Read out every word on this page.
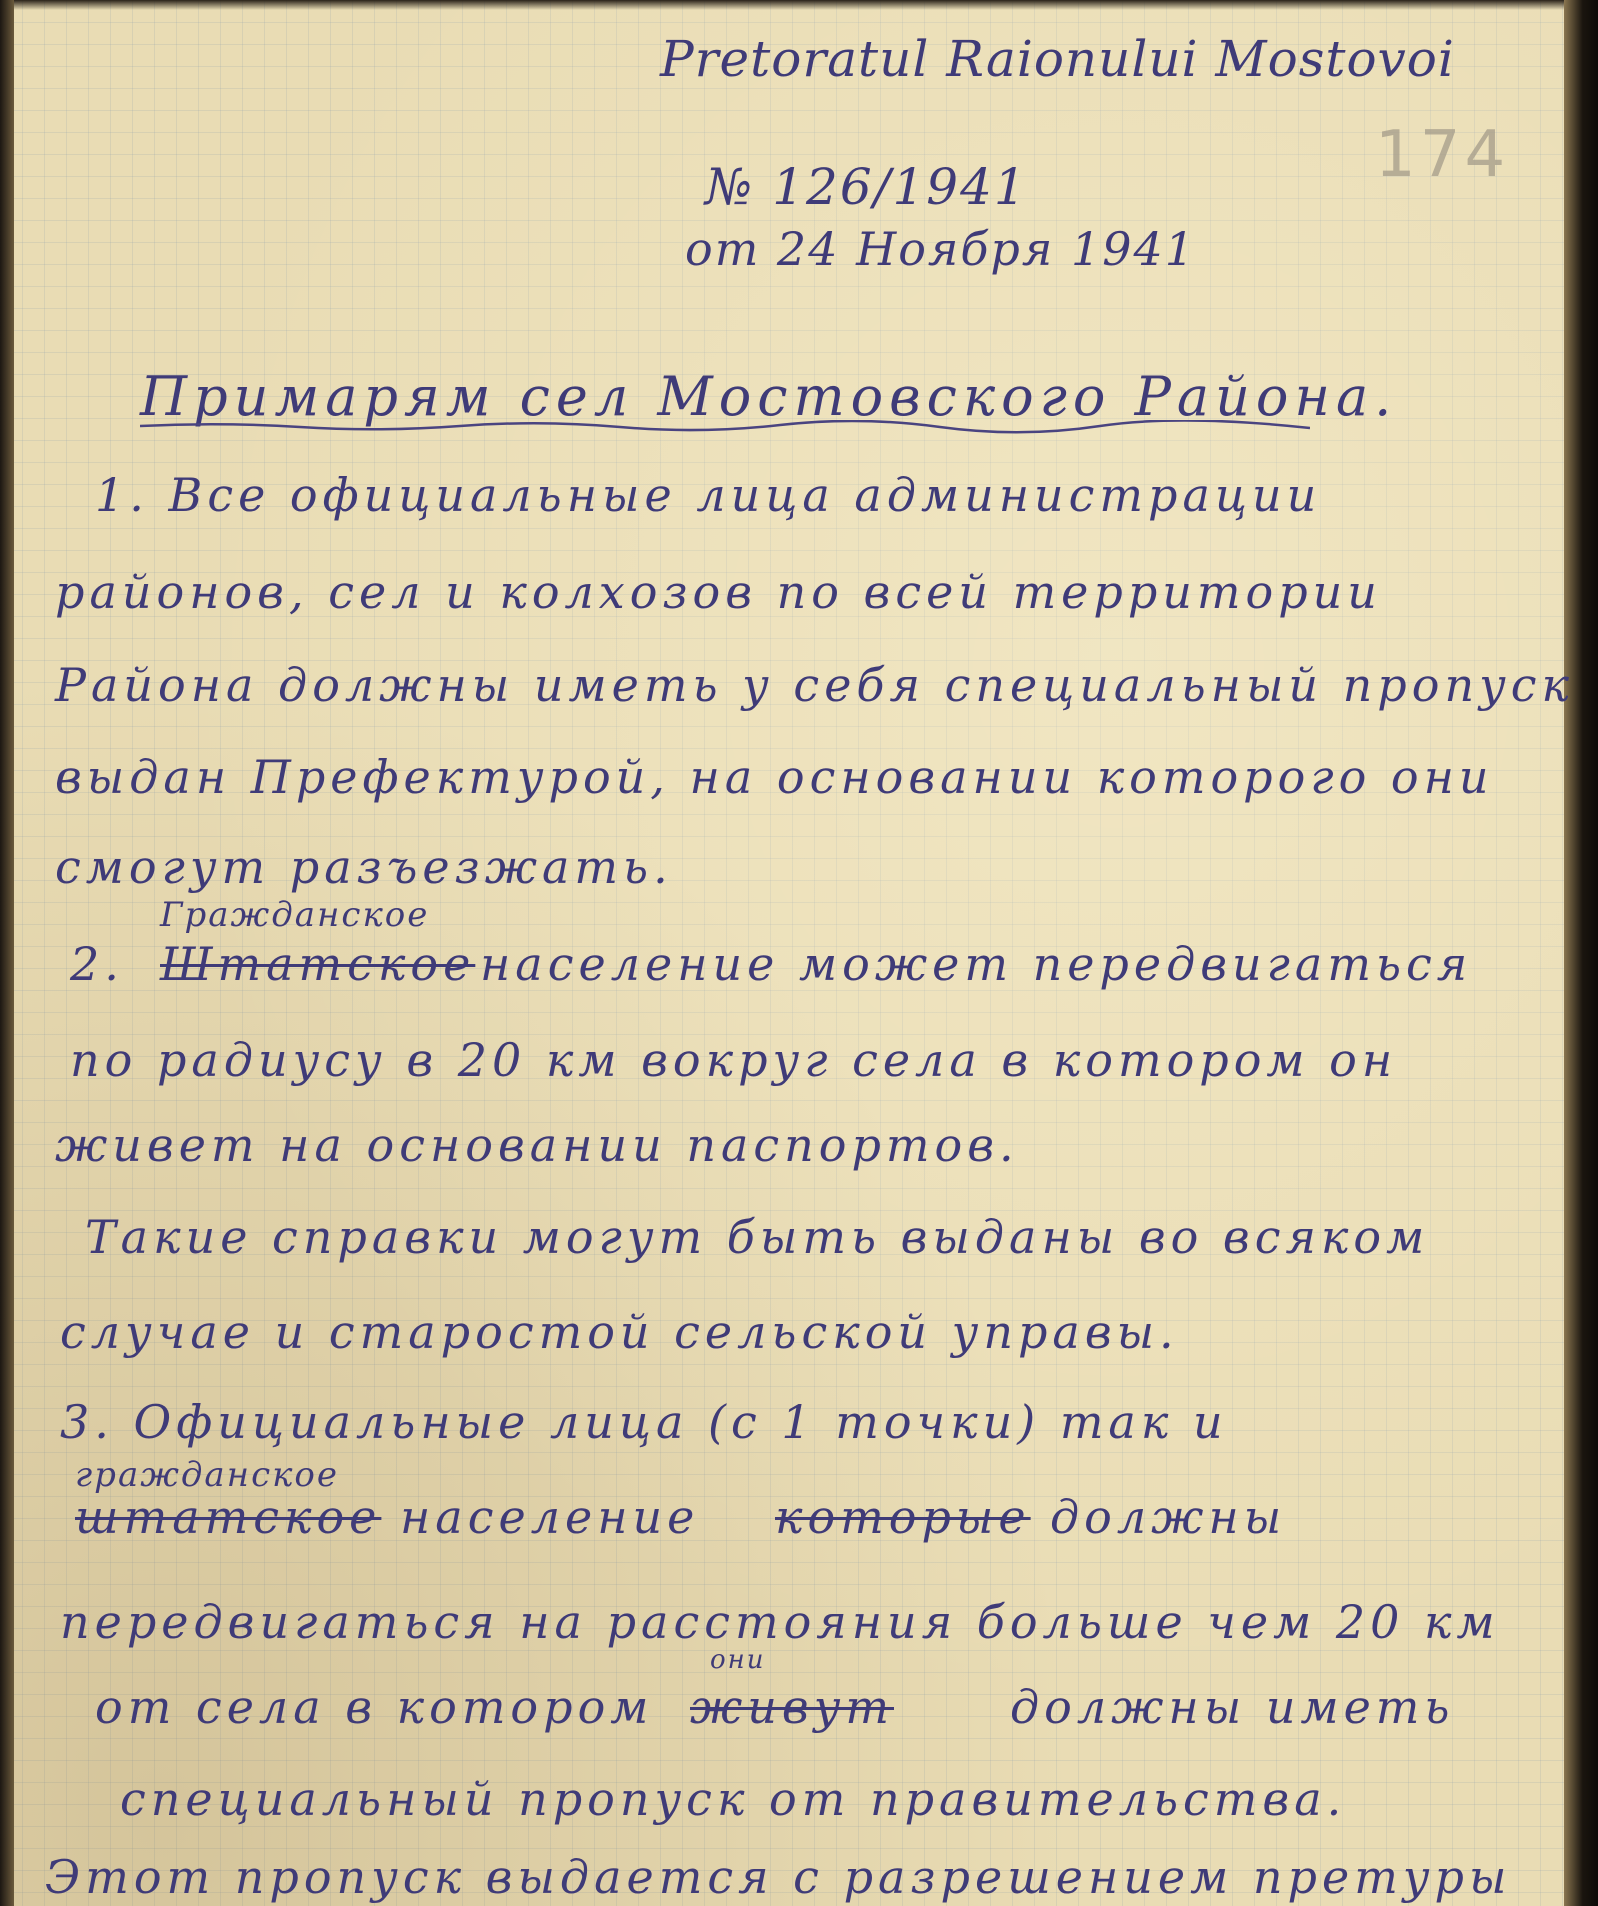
Pretoratul Raionului Mostovoi
174
№ 126/1941
от 24 Ноября 1941
Примарям сел Мостовского Района.
1. Все официальные лица администрации
районов, сел и колхозов по всей территории
Района должны иметь у себя специальный пропуск
выдан Префектурой, на основании которого они
смогут разъезжать.
Гражданское
2. Штатское население может передвигаться
по радиусу в 20 км вокруг села в котором он
живет на основании паспортов.
Такие справки могут быть выданы во всяком
случае и старостой сельской управы.
3. Официальные лица (с 1 точки) так и
гражданское
штатское население которые должны
передвигаться на расстояния больше чем 20 км
они
от села в котором живут	должны иметь
специальный пропуск от правительства.
Этот пропуск выдается с разрешением претуры
